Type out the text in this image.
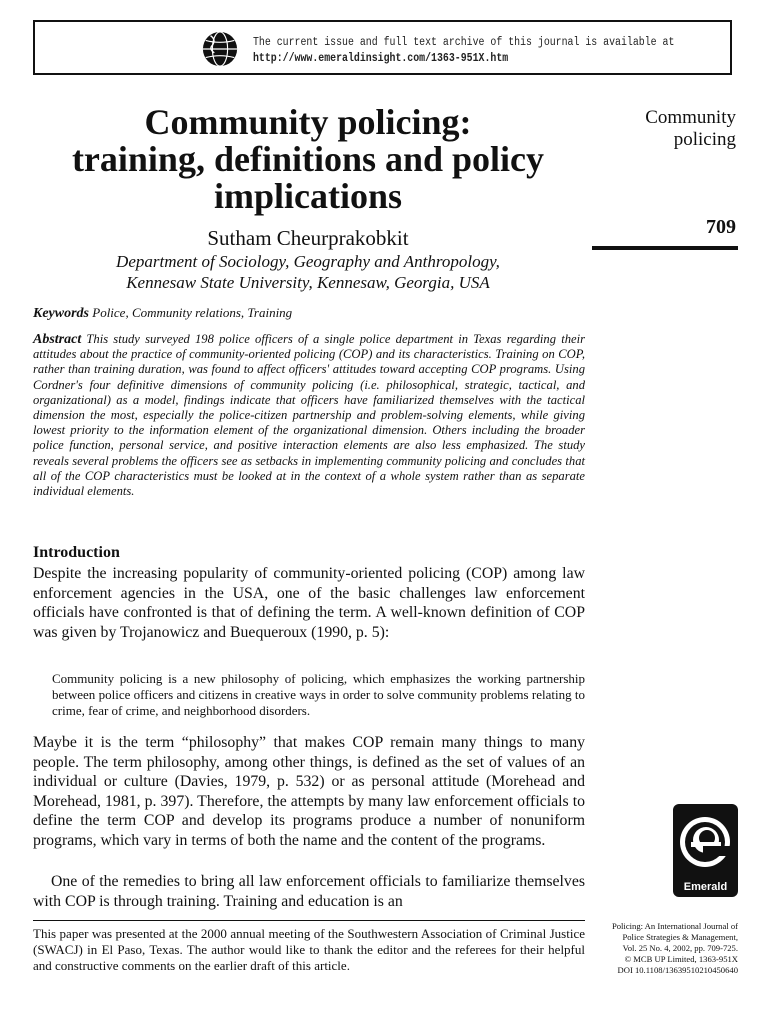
The current issue and full text archive of this journal is available at
http://www.emeraldinsight.com/1363-951X.htm
Community policing
709
Community policing:
training, definitions and policy
implications
Sutham Cheurprakobkit
Department of Sociology, Geography and Anthropology,
Kennesaw State University, Kennesaw, Georgia, USA
Keywords Police, Community relations, Training
Abstract This study surveyed 198 police officers of a single police department in Texas regarding their attitudes about the practice of community-oriented policing (COP) and its characteristics. Training on COP, rather than training duration, was found to affect officers' attitudes toward accepting COP programs. Using Cordner's four definitive dimensions of community policing (i.e. philosophical, strategic, tactical, and organizational) as a model, findings indicate that officers have familiarized themselves with the tactical dimension the most, especially the police-citizen partnership and problem-solving elements, while giving lowest priority to the information element of the organizational dimension. Others including the broader police function, personal service, and positive interaction elements are also less emphasized. The study reveals several problems the officers see as setbacks in implementing community policing and concludes that all of the COP characteristics must be looked at in the context of a whole system rather than as separate individual elements.
Introduction

Despite the increasing popularity of community-oriented policing (COP) among law enforcement agencies in the USA, one of the basic challenges law enforcement officials have confronted is that of defining the term. A well-known definition of COP was given by Trojanowicz and Buequeroux (1990, p. 5):

Community policing is a new philosophy of policing, which emphasizes the working partnership between police officers and citizens in creative ways in order to solve community problems relating to crime, fear of crime, and neighborhood disorders.

Maybe it is the term “philosophy” that makes COP remain many things to many people. The term philosophy, among other things, is defined as the set of values of an individual or culture (Davies, 1979, p. 532) or as personal attitude (Morehead and Morehead, 1981, p. 397). Therefore, the attempts by many law enforcement officials to define the term COP and develop its programs produce a number of nonuniform programs, which vary in terms of both the name and the content of the programs.

One of the remedies to bring all law enforcement officials to familiarize themselves with COP is through training. Training and education is an

This paper was presented at the 2000 annual meeting of the Southwestern Association of Criminal Justice (SWACJ) in El Paso, Texas. The author would like to thank the editor and the referees for their helpful and constructive comments on the earlier draft of this article.

Emerald
Policing: An International Journal of
Police Strategies & Management,
Vol. 25 No. 4, 2002, pp. 709-725.
© MCB UP Limited, 1363-951X
DOI 10.1108/13639510210450640
